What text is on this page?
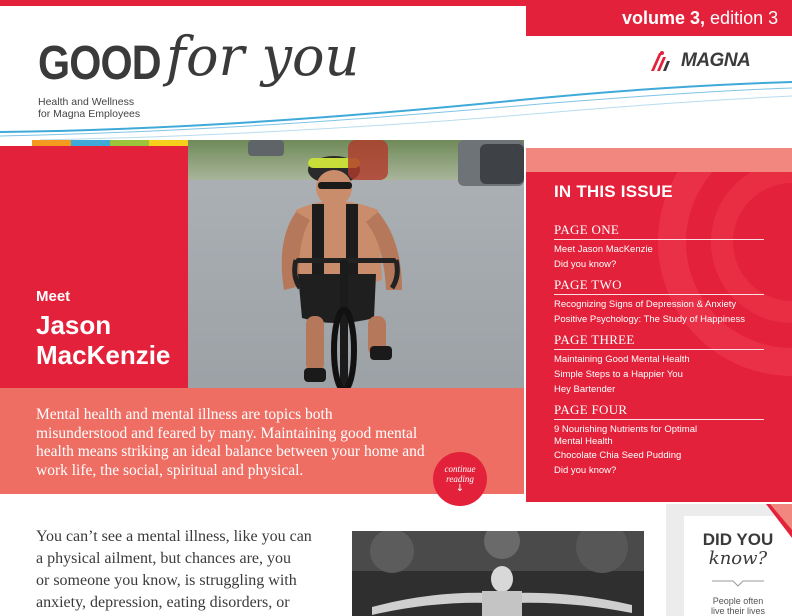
volume 3, edition 3
GOOD for you
Health and Wellness
for Magna Employees
MAGNA
Meet
Jason
MacKenzie
Mental health and mental illness are topics both misunderstood and feared by many. Maintaining good mental health means striking an ideal balance between your home and work life, the social, spiritual and physical.	continue
reading
↓
IN THIS ISSUE
PAGE ONE
Meet Jason MacKenzie
Did you know?
PAGE TWO
Recognizing Signs of Depression & Anxiety
Positive Psychology: The Study of Happiness
PAGE THREE
Maintaining Good Mental Health
Simple Steps to a Happier You
Hey Bartender
PAGE FOUR
9 Nourishing Nutrients for Optimal Mental Health
Chocolate Chia Seed Pudding
Did you know?
You can’t see a mental illness, like you can
a physical ailment, but chances are, you
or someone you know, is struggling with
anxiety, depression, eating disorders, or
DID YOU
know?
People often
live their lives
